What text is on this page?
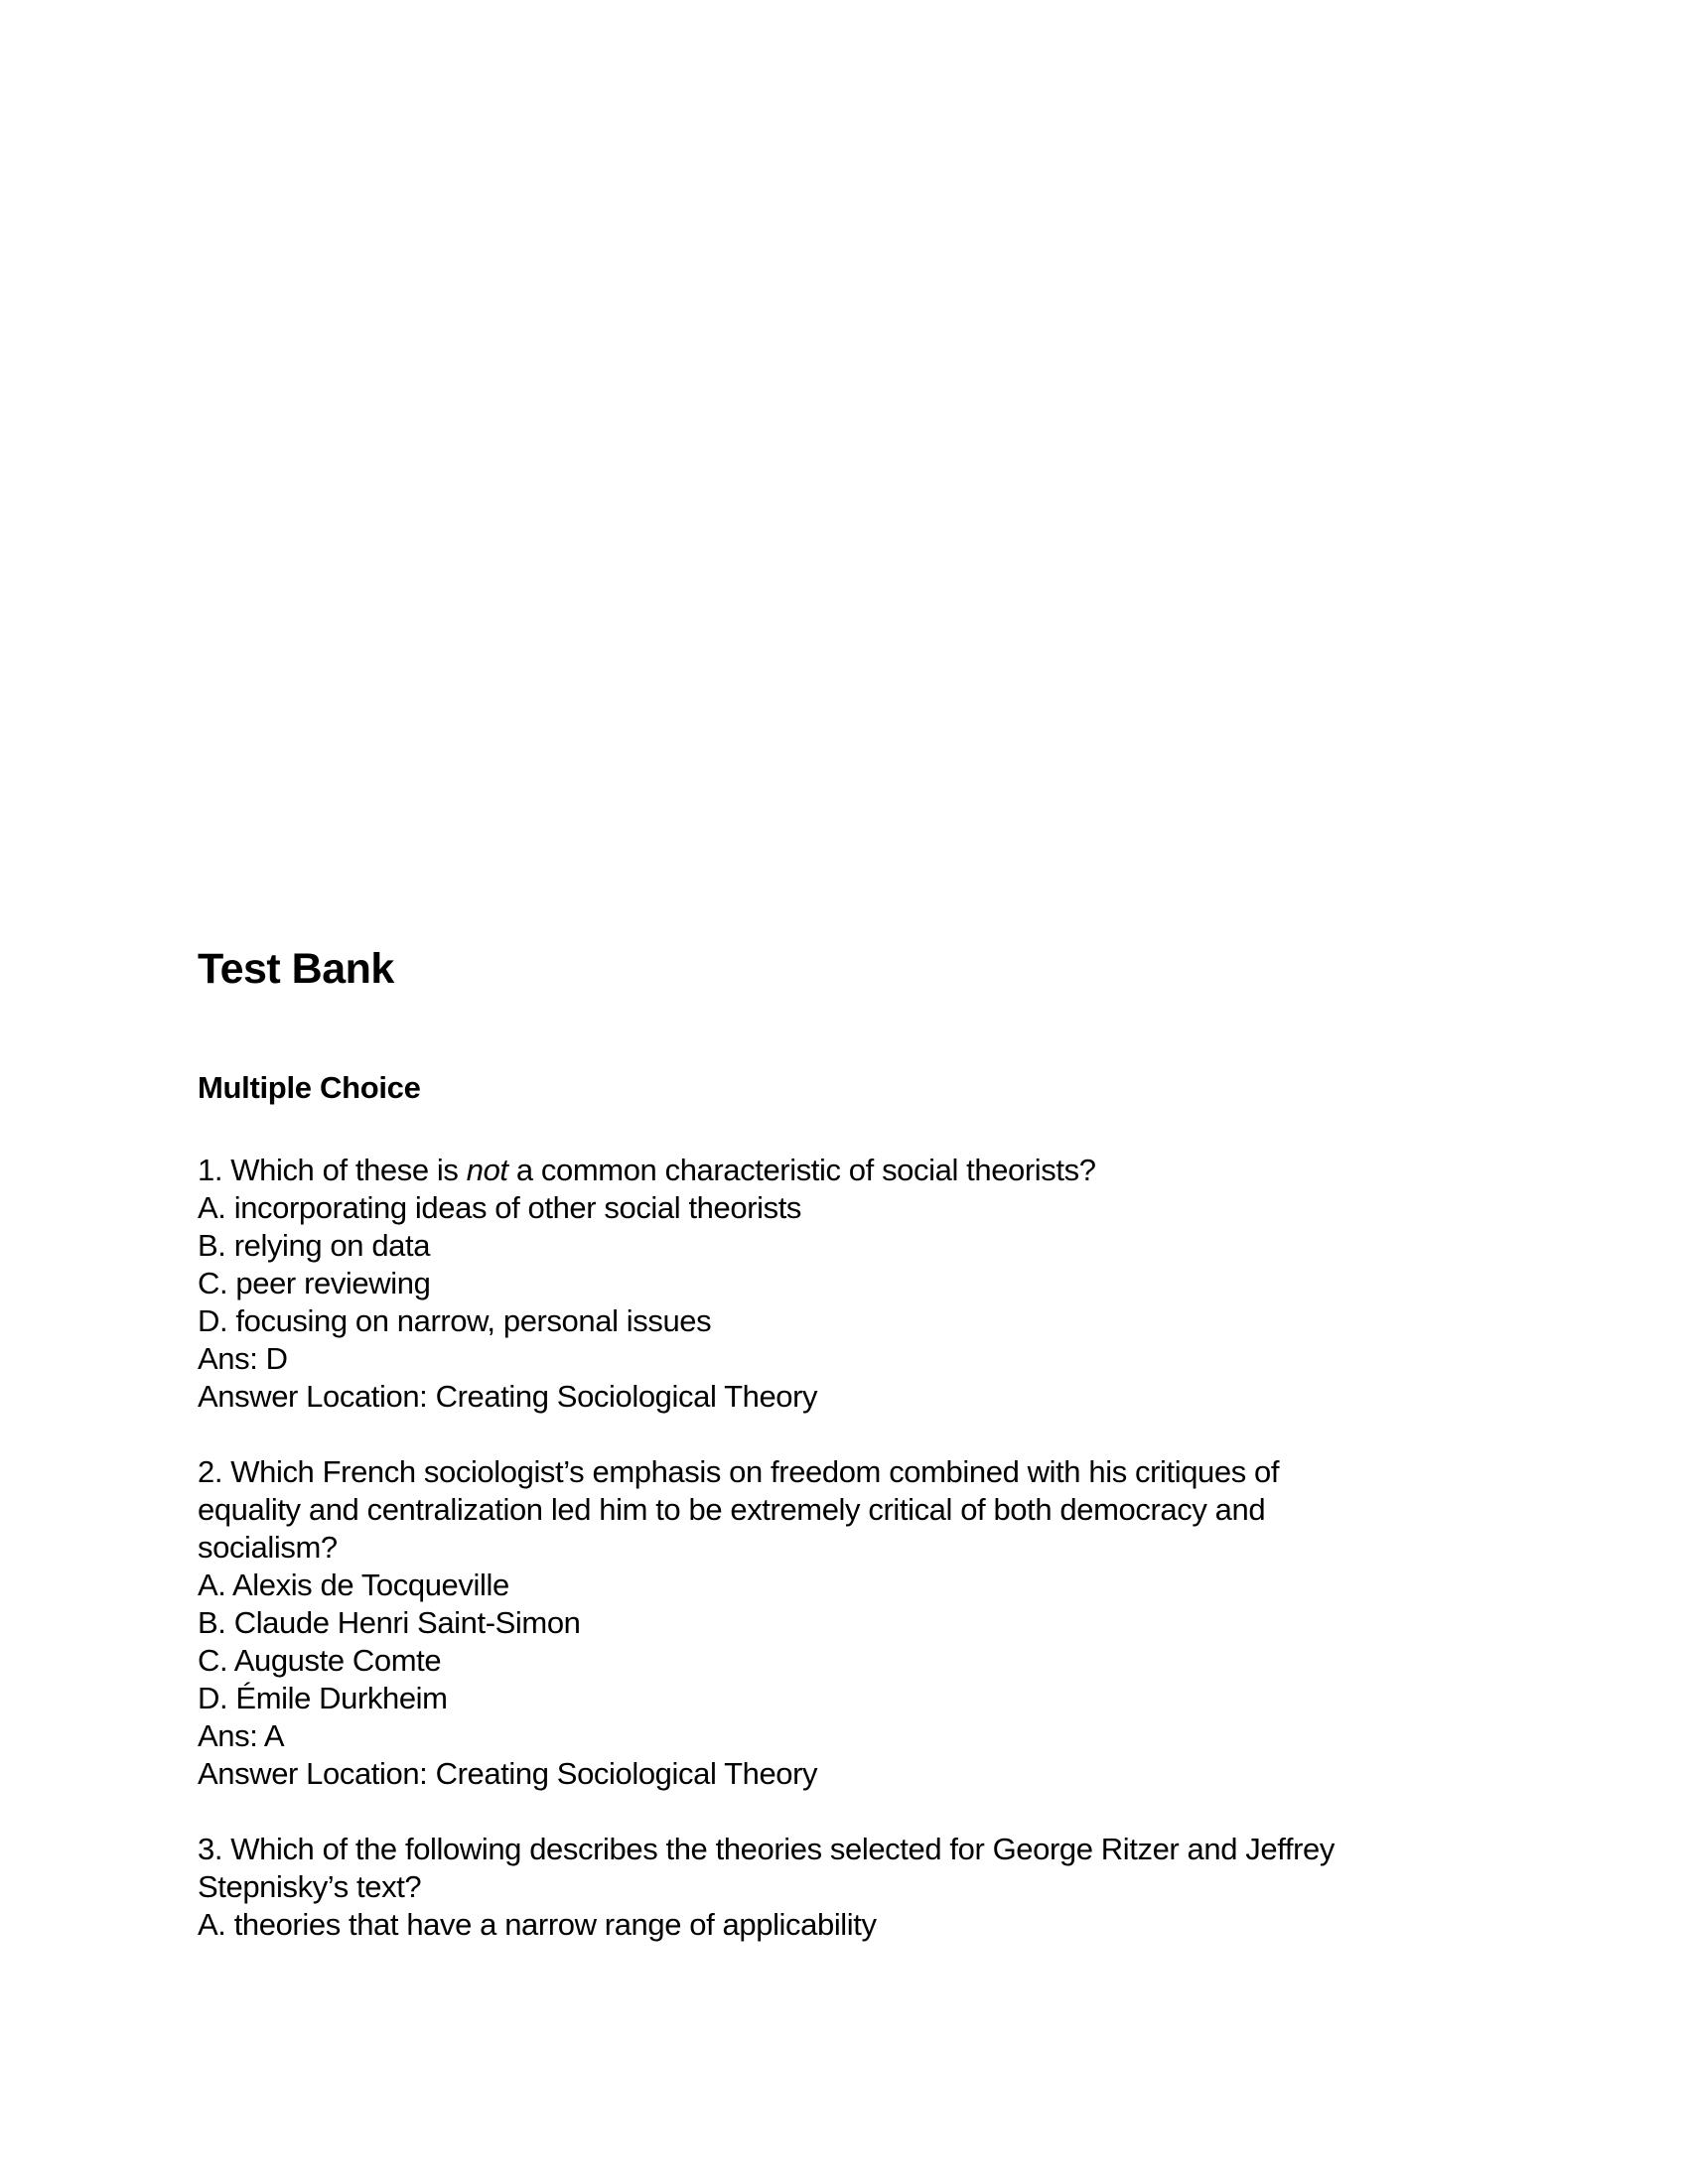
Test Bank
Multiple Choice
1. Which of these is not a common characteristic of social theorists?
A. incorporating ideas of other social theorists
B. relying on data
C. peer reviewing
D. focusing on narrow, personal issues
Ans: D
Answer Location: Creating Sociological Theory
2. Which French sociologist’s emphasis on freedom combined with his critiques of
equality and centralization led him to be extremely critical of both democracy and
socialism?
A. Alexis de Tocqueville
B. Claude Henri Saint-Simon
C. Auguste Comte
D. Émile Durkheim
Ans: A
Answer Location: Creating Sociological Theory
3. Which of the following describes the theories selected for George Ritzer and Jeffrey
Stepnisky’s text?
A. theories that have a narrow range of applicability
